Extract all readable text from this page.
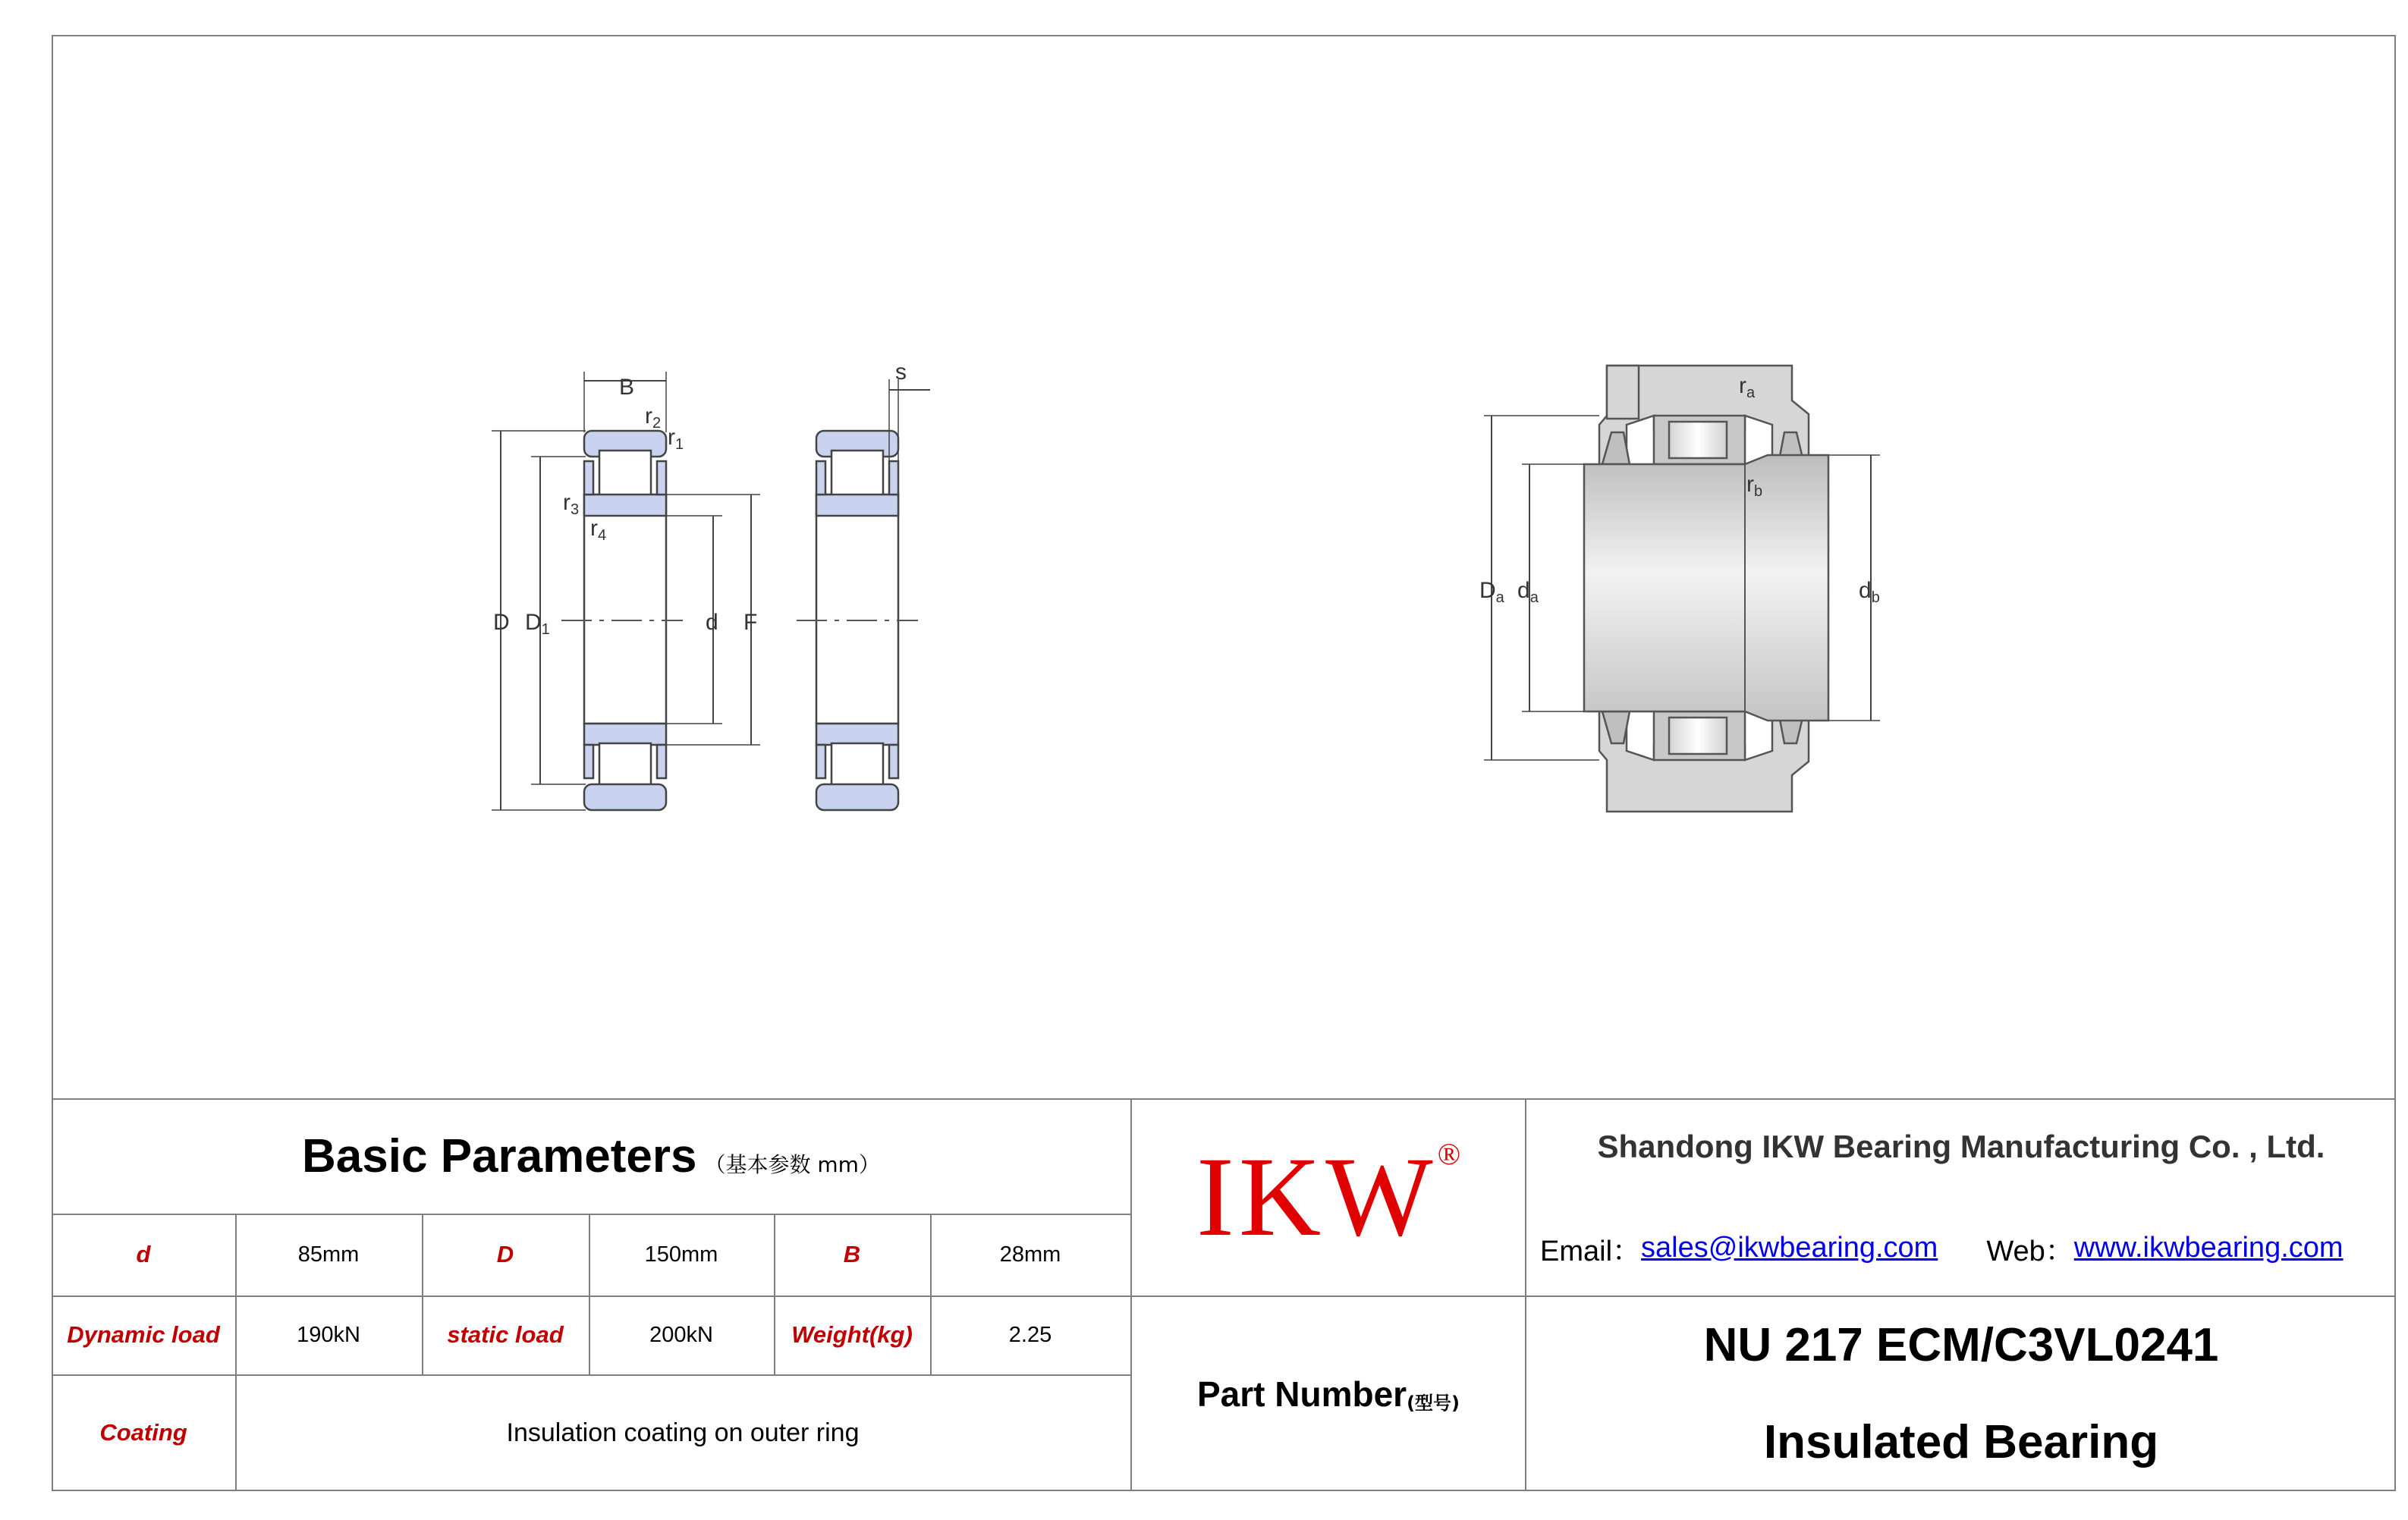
B
$r_2$
$r_1$
$r_3$
$r_4$
D $D_1$	d F
s
$r_a$
$r_b$
$D_a$ $d_a$	$d_b$
Basic Parameters （基本参数 mm）
d	85mm	D	150mm	B	28mm
Dynamic load	190kN	static load	200kN	Weight(kg)	2.25
Coating	Insulation coating on outer ring
IKW ®
Part Number (型号)
Shandong IKW Bearing Manufacturing Co. , Ltd.
Email： sales@ikwbearing.com Web： www.ikwbearing.com
NU 217 ECM/C3VL0241
Insulated Bearing
